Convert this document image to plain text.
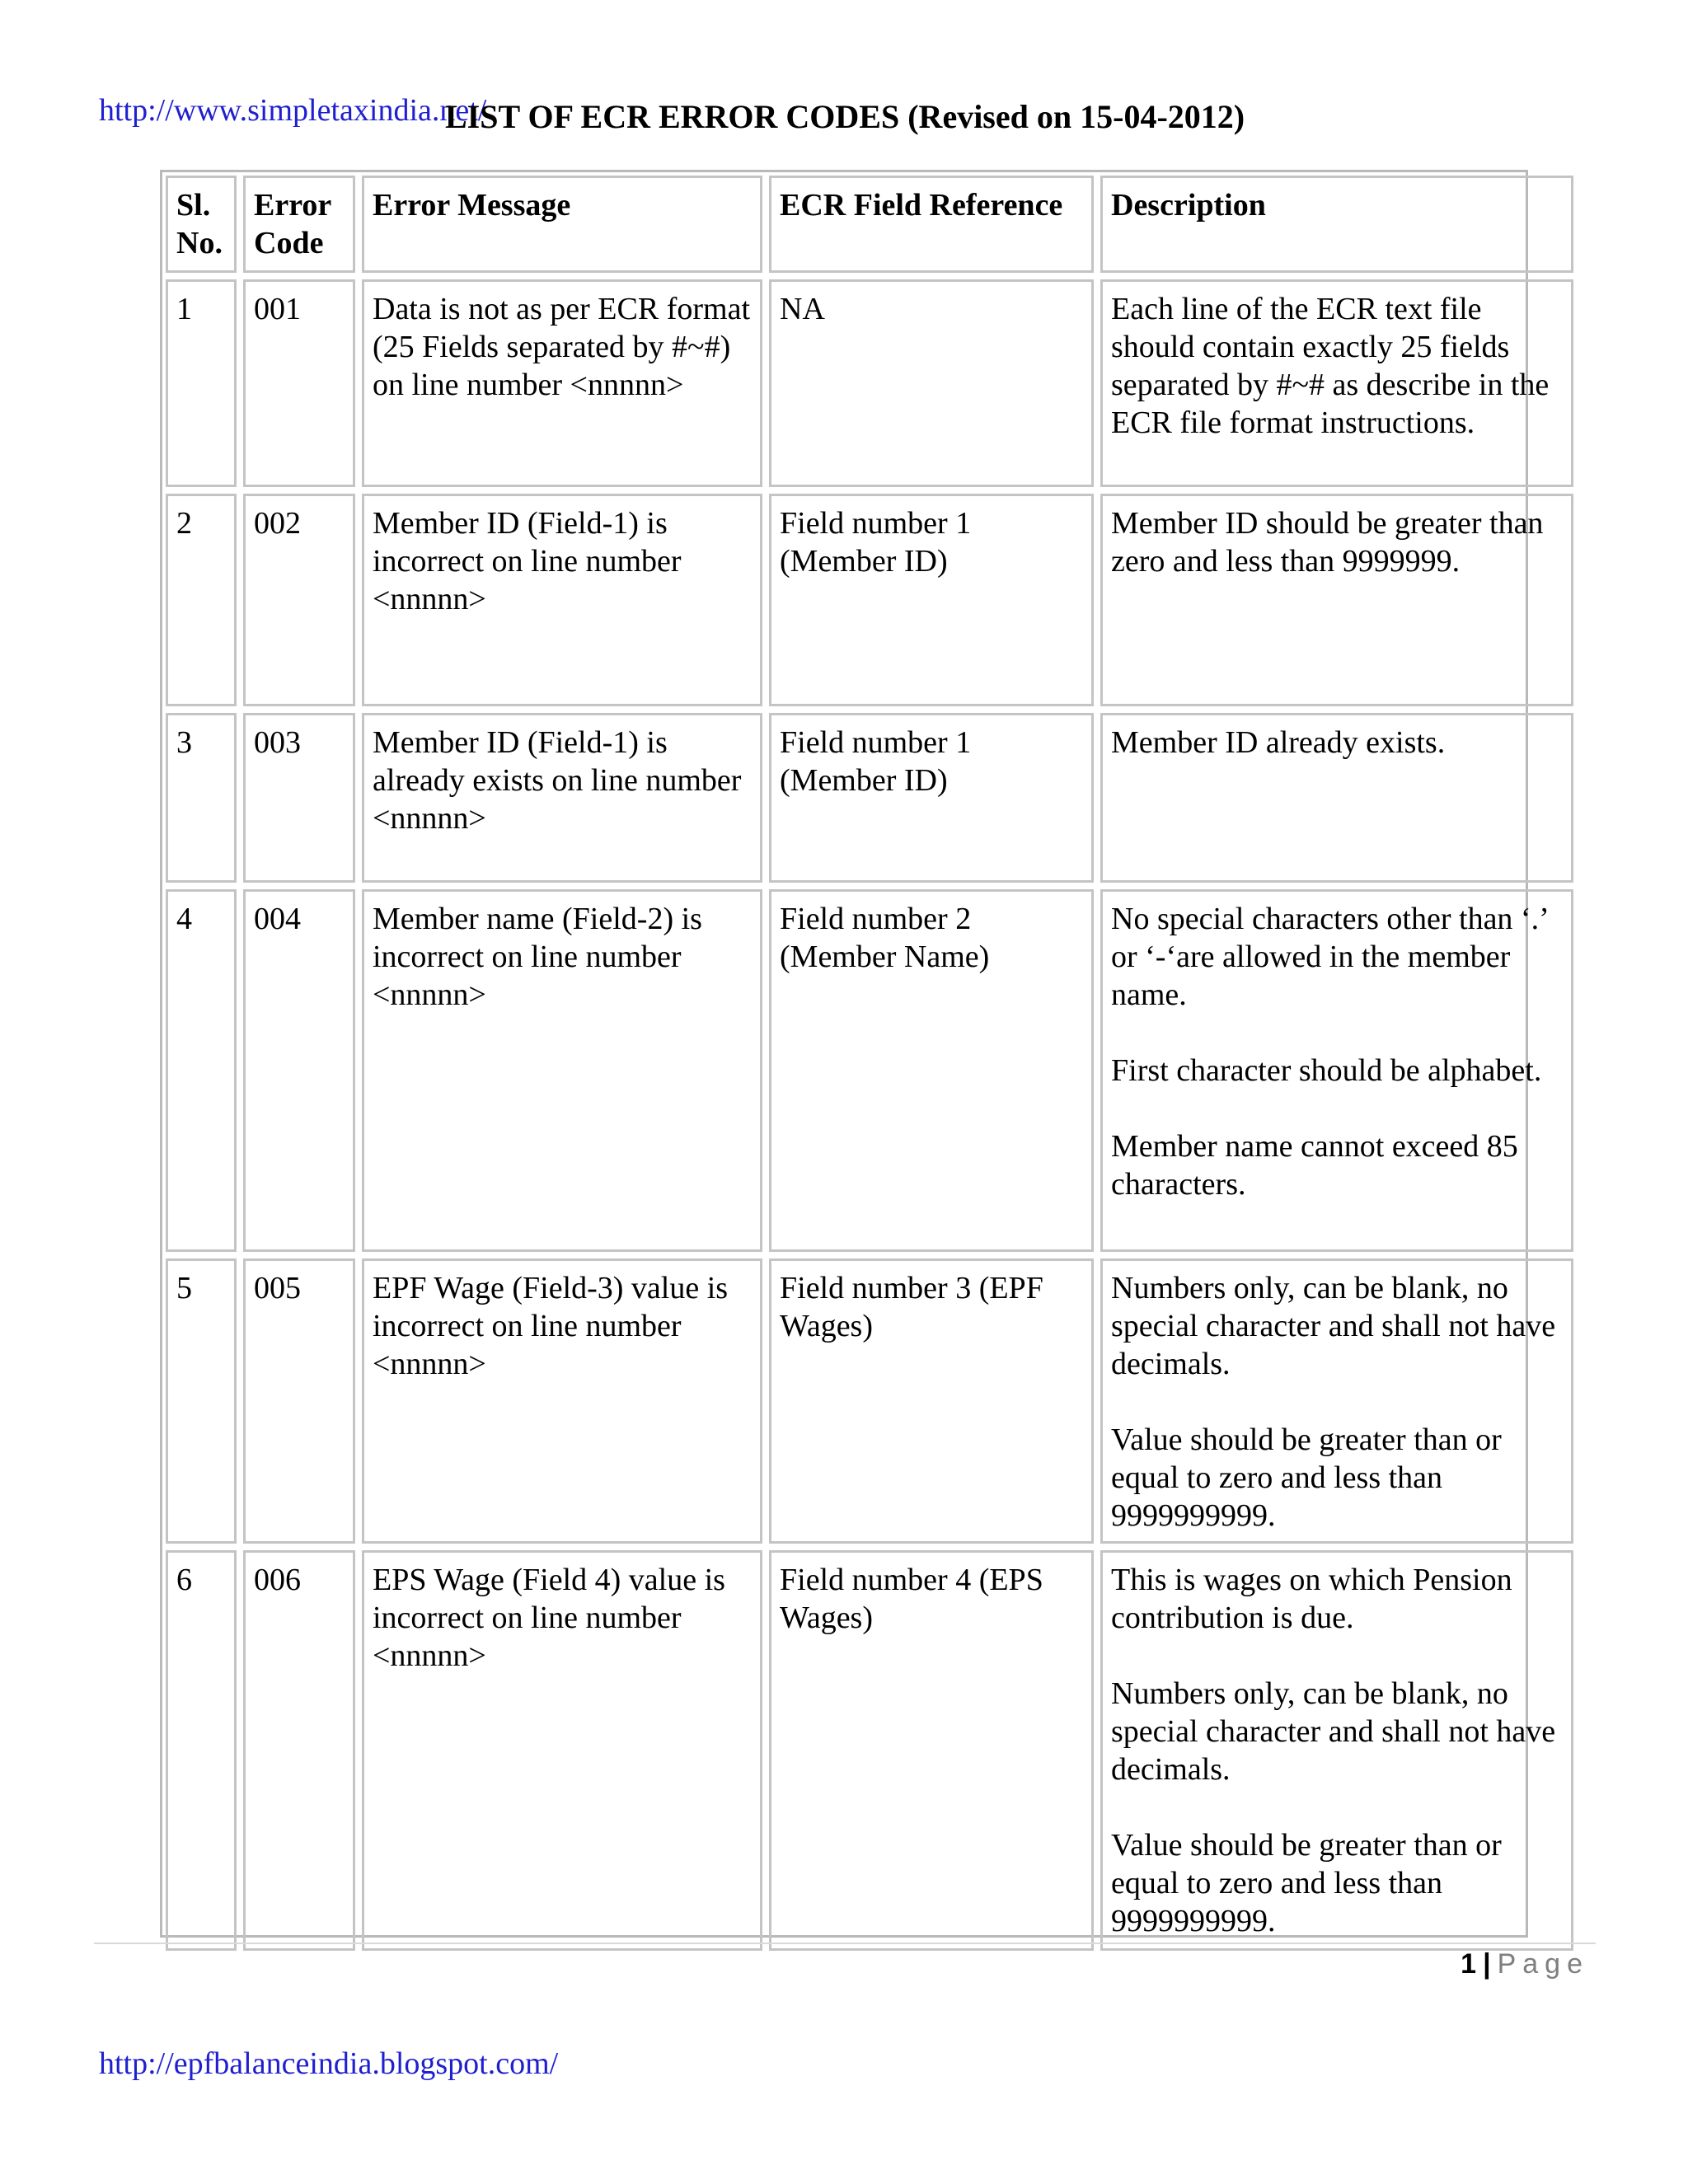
http://www.simpletaxindia.net/
LIST OF ECR ERROR CODES (Revised on 15-04-2012)
Sl. No.	Error Code	Error Message	ECR Field Reference	Description
1	001	Data is not as per ECR format (25 Fields separated by #~#) on line number <nnnnn>	NA	Each line of the ECR text file should contain exactly 25 fields separated by #~# as describe in the ECR file format instructions.

2	002	Member ID (Field-1) is incorrect on line number <nnnnn>	Field number 1 (Member ID)	Member ID should be greater than zero and less than 9999999.

3	003	Member ID (Field-1) is already exists on line number <nnnnn>	Field number 1 (Member ID)	Member ID already exists.

4	004	Member name (Field-2) is incorrect on line number <nnnnn>	Field number 2 (Member Name)	No special characters other than ‘.’ or ‘-‘are allowed in the member name.
First character should be alphabet.
Member name cannot exceed 85 characters.

5	005	EPF Wage (Field-3) value is incorrect on line number <nnnnn>	Field number 3 (EPF Wages)	Numbers only, can be blank, no special character and shall not have decimals.
Value should be greater than or equal to zero and less than 9999999999.

6	006	EPS Wage (Field 4) value is incorrect on line number <nnnnn>	Field number 4 (EPS Wages)	This is wages on which Pension contribution is due.
Numbers only, can be blank, no special character and shall not have decimals.
Value should be greater than or equal to zero and less than 9999999999.
1 | Page
http://epfbalanceindia.blogspot.com/
